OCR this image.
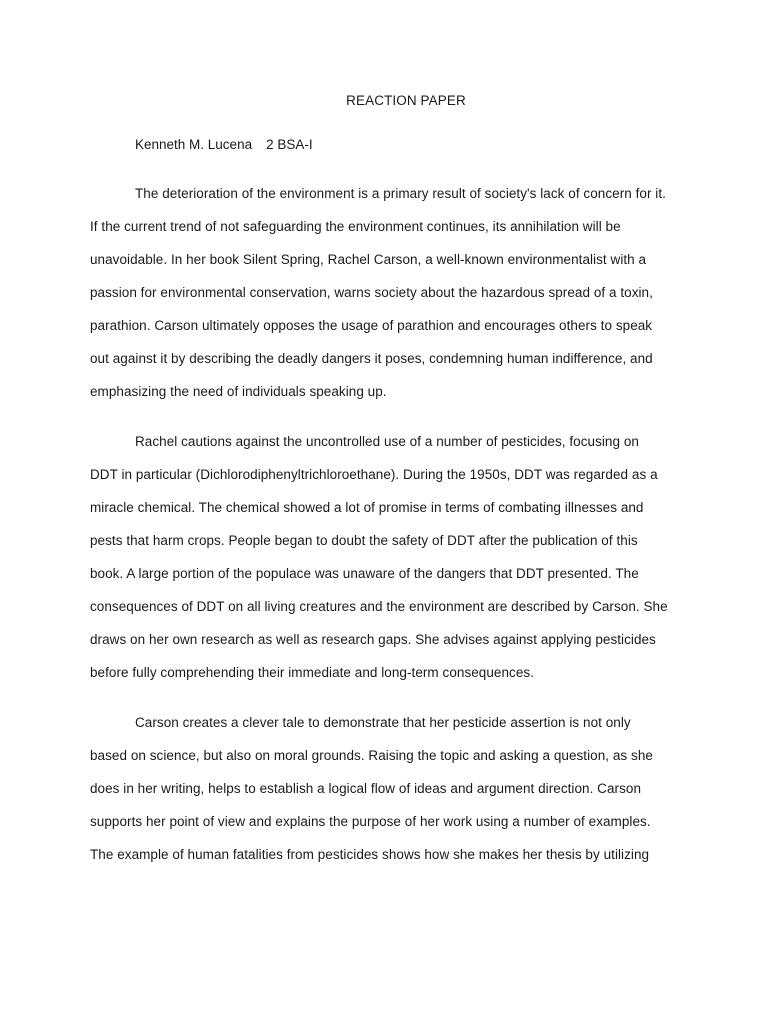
REACTION PAPER
Kenneth M. Lucena 2 BSA-I
The deterioration of the environment is a primary result of society's lack of concern for it.
If the current trend of not safeguarding the environment continues, its annihilation will be
unavoidable. In her book Silent Spring, Rachel Carson, a well-known environmentalist with a
passion for environmental conservation, warns society about the hazardous spread of a toxin,
parathion. Carson ultimately opposes the usage of parathion and encourages others to speak
out against it by describing the deadly dangers it poses, condemning human indifference, and
emphasizing the need of individuals speaking up.
Rachel cautions against the uncontrolled use of a number of pesticides, focusing on
DDT in particular (Dichlorodiphenyltrichloroethane). During the 1950s, DDT was regarded as a
miracle chemical. The chemical showed a lot of promise in terms of combating illnesses and
pests that harm crops. People began to doubt the safety of DDT after the publication of this
book. A large portion of the populace was unaware of the dangers that DDT presented. The
consequences of DDT on all living creatures and the environment are described by Carson. She
draws on her own research as well as research gaps. She advises against applying pesticides
before fully comprehending their immediate and long-term consequences.
Carson creates a clever tale to demonstrate that her pesticide assertion is not only
based on science, but also on moral grounds. Raising the topic and asking a question, as she
does in her writing, helps to establish a logical flow of ideas and argument direction. Carson
supports her point of view and explains the purpose of her work using a number of examples.
The example of human fatalities from pesticides shows how she makes her thesis by utilizing
